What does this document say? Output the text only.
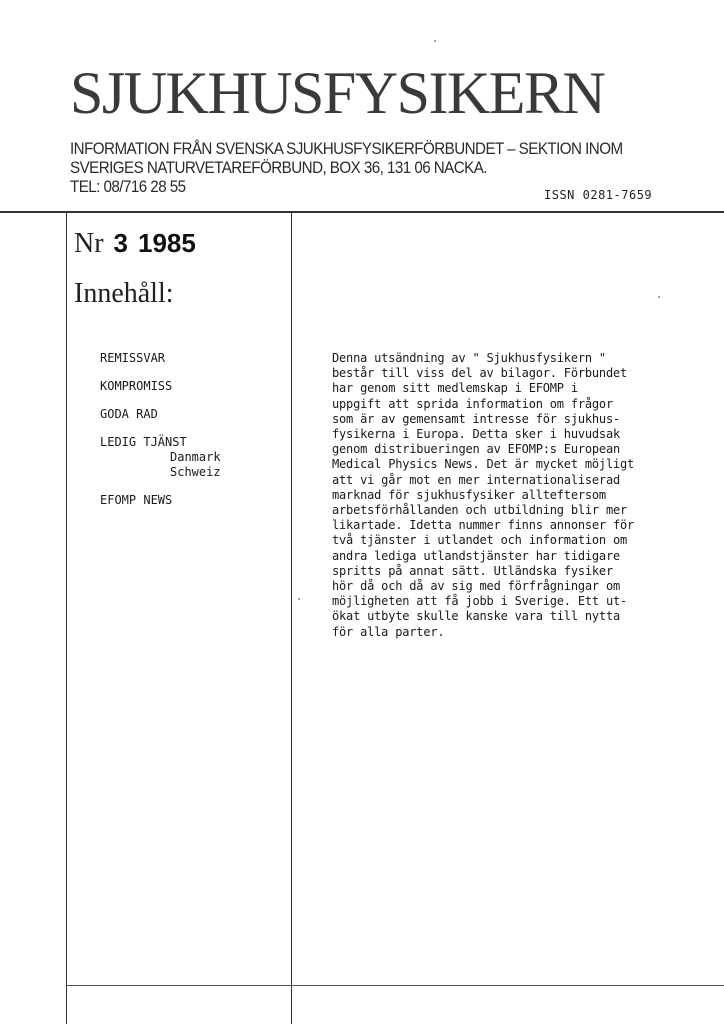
SJUKHUSFYSIKERN
INFORMATION FRÅN SVENSKA SJUKHUSFYSIKERFÖRBUNDET – SEKTION INOM
SVERIGES NATURVETAREFÖRBUND, BOX 36, 131 06 NACKA.
TEL: 08/716 28 55	ISSN 0281-7659
Nr 3 1985
Innehåll:
REMISSVAR
KOMPROMISS
GODA RAD
LEDIG TJÄNST
Danmark
Schweiz
EFOMP NEWS
Denna utsändning av " Sjukhusfysikern "
består till viss del av bilagor. Förbundet
har genom sitt medlemskap i EFOMP i
uppgift att sprida information om frågor
som är av gemensamt intresse för sjukhus-
fysikerna i Europa. Detta sker i huvudsak
genom distribueringen av EFOMP:s European
Medical Physics News. Det är mycket möjligt
att vi går mot en mer internationaliserad
marknad för sjukhusfysiker allteftersom
arbetsförhållanden och utbildning blir mer
likartade. Idetta nummer finns annonser för
två tjänster i utlandet och information om
andra lediga utlandstjänster har tidigare
spritts på annat sätt. Utländska fysiker
hör då och då av sig med förfrågningar om
möjligheten att få jobb i Sverige. Ett ut-
ökat utbyte skulle kanske vara till nytta
för alla parter.
